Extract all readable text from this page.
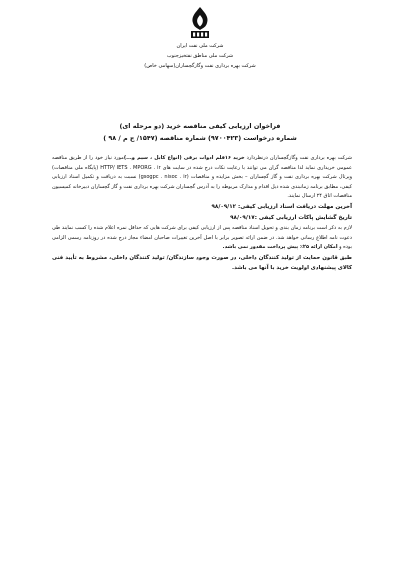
شرکت ملی نفت ایران
شرکت ملی مناطق نفتخیزجنوب
شرکت بهره برداری نفت وگازگچساران(سهامی خاص)
فراخوان ارزیابی کیفی مناقصه خرید (دو مرحله ای)
شماره درخواست (۹۷۰۰۴۲۳) شماره مناقصه (۱۵۴۷/ ج م / ۹۸ )

شرکت بهره برداری نفت وگازگچساران درنظردارد خرید ۱۶قلم ادوات برقی (انواع کابل ، سیم و...)مورد نیاز خود را از طریق مناقصه عمومی خریداری نماید لذا مناقصه گران می توانند با رعایت نکات درج شده در سایت های HTTP/ IETS . MPORG . ir (پایگاه ملی مناقصات) وپرتال شرکت بهره برداری نفت و گاز گچساران – بخش مزایده و مناقصات (gsogpc . nisoc . ir) نسبت به دریافت و تکمیل اسناد ارزیابی کیفی، مطابق برنامه زمانبندی شده ذیل اقدام و مدارک مربوطه را به آدرس گچساران شرکت بهره برداری نفت و گاز گچساران دبیرخانه کمیسیون مناقصات اتاق ۲۴ ارسال نمایند.

آخرین مهلت دریافت اسناد ارزیابی کیفی: ۹۸/۰۹/۱۲

تاریخ گشایش پاکات ارزیابی کیفی :۹۸/۰۹/۱۷

لازم به ذکر است برنامه زمان بندی و تحویل اسناد مناقصه پس از ارزیابی کیفی برای شرکت هایی که حداقل نمره اعلام شده را کسب نمایند طی دعوت نامه اطلاع رسانی خواهد شد. در ضمن ارائه تصویر برابر با اصل آخرین تغییرات صاحبان امضاء مجاز درج شده در روزنامه رسمی الزامی بوده و امکان ارائه ۲۵٪ پیش پرداخت مقدور نمی باشد.

طبق قانون حمایت از تولید کنندگان داخلی، در صورت وجود سازندگان/ تولید کنندگان داخلی، مشروط به تأیید فنی کالای پیشنهادی اولویت خرید با آنها می باشد.
